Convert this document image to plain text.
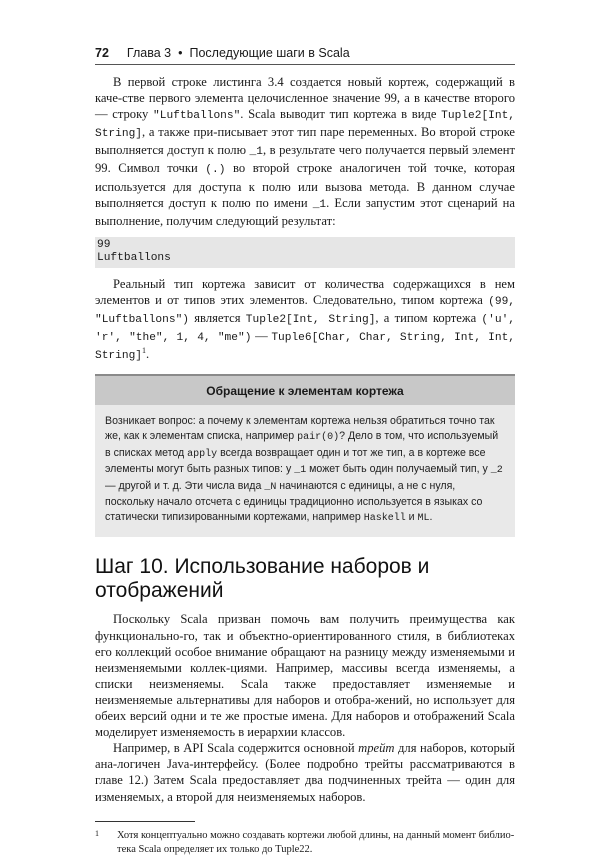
72 Глава 3 • Последующие шаги в Scala

В первой строке листинга 3.4 создается новый кортеж, содержащий в каче-стве первого элемента целочисленное значение 99, а в качестве второго — строку "Luftballons". Scala выводит тип кортежа в виде Tuple2[Int, String], а также при-писывает этот тип паре переменных. Во второй строке выполняется доступ к полю _1, в результате чего получается первый элемент 99. Символ точки (.) во второй строке аналогичен той точке, которая используется для доступа к полю или вызова метода. В данном случае выполняется доступ к полю по имени _1. Если запустим этот сценарий на выполнение, получим следующий результат:

99
Luftballons

Реальный тип кортежа зависит от количества содержащихся в нем элементов и от типов этих элементов. Следовательно, типом кортежа (99, "Luftballons") является Tuple2[Int, String], а типом кортежа ('u', 'r', "the", 1, 4, "me") — Tuple6[Char, Char, String, Int, Int, String]$^1$.

Обращение к элементам кортежа
Возникает вопрос: а почему к элементам кортежа нельзя обратиться точно так же, как к элементам списка, например pair(0)? Дело в том, что используемый в списках метод apply всегда возвращает один и тот же тип, а в кортеже все элементы могут быть разных типов: у _1 может быть один получаемый тип, у _2 — другой и т. д. Эти числа вида _N начинаются с единицы, а не с нуля, поскольку начало отсчета с единицы традиционно используется в языках со статически типизированными кортежами, например Haskell и ML.
Шаг 10. Использование наборов и отображений

Поскольку Scala призван помочь вам получить преимущества как функционально-го, так и объектно-ориентированного стиля, в библиотеках его коллекций особое внимание обращают на разницу между изменяемыми и неизменяемыми коллек-циями. Например, массивы всегда изменяемы, а списки неизменяемы. Scala также предоставляет изменяемые и неизменяемые альтернативы для наборов и отобра-жений, но использует для обеих версий одни и те же простые имена. Для наборов и отображений Scala моделирует изменяемость в иерархии классов.

Например, в API Scala содержится основной трейт для наборов, который ана-логичен Java-интерфейсу. (Более подробно трейты рассматриваются в главе 12.) Затем Scala предоставляет два подчиненных трейта — один для изменяемых, а второй для неизменяемых наборов.

1 Хотя концептуально можно создавать кортежи любой длины, на данный момент библио-тека Scala определяет их только до Tuple22.
